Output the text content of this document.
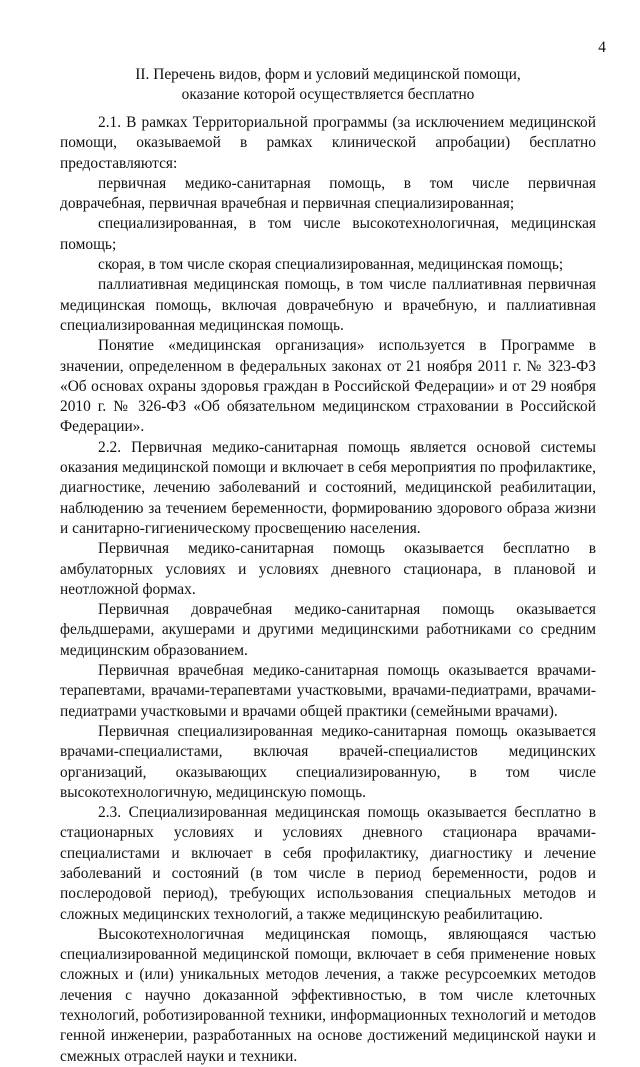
4
II. Перечень видов, форм и условий медицинской помощи,
оказание которой осуществляется бесплатно

2.1. В рамках Территориальной программы (за исключением медицинской помощи, оказываемой в рамках клинической апробации) бесплатно предоставляются:

первичная медико-санитарная помощь, в том числе первичная доврачебная, первичная врачебная и первичная специализированная;

специализированная, в том числе высокотехнологичная, медицинская помощь;

скорая, в том числе скорая специализированная, медицинская помощь;

паллиативная медицинская помощь, в том числе паллиативная первичная медицинская помощь, включая доврачебную и врачебную, и паллиативная специализированная медицинская помощь.

Понятие «медицинская организация» используется в Программе в значении, определенном в федеральных законах от 21 ноября 2011 г. № 323-ФЗ «Об основах охраны здоровья граждан в Российской Федерации» и от 29 ноября 2010 г. № 326-ФЗ «Об обязательном медицинском страховании в Российской Федерации».

2.2. Первичная медико-санитарная помощь является основой системы оказания медицинской помощи и включает в себя мероприятия по профилактике, диагностике, лечению заболеваний и состояний, медицинской реабилитации, наблюдению за течением беременности, формированию здорового образа жизни и санитарно-гигиеническому просвещению населения.

Первичная медико-санитарная помощь оказывается бесплатно в амбулаторных условиях и условиях дневного стационара, в плановой и неотложной формах.

Первичная доврачебная медико-санитарная помощь оказывается фельдшерами, акушерами и другими медицинскими работниками со средним медицинским образованием.

Первичная врачебная медико-санитарная помощь оказывается врачами-терапевтами, врачами-терапевтами участковыми, врачами-педиатрами, врачами-педиатрами участковыми и врачами общей практики (семейными врачами).

Первичная специализированная медико-санитарная помощь оказывается врачами-специалистами, включая врачей-специалистов медицинских организаций, оказывающих специализированную, в том числе высокотехнологичную, медицинскую помощь.

2.3. Специализированная медицинская помощь оказывается бесплатно в стационарных условиях и условиях дневного стационара врачами-специалистами и включает в себя профилактику, диагностику и лечение заболеваний и состояний (в том числе в период беременности, родов и послеродовой период), требующих использования специальных методов и сложных медицинских технологий, а также медицинскую реабилитацию.

Высокотехнологичная медицинская помощь, являющаяся частью специализированной медицинской помощи, включает в себя применение новых сложных и (или) уникальных методов лечения, а также ресурсоемких методов лечения с научно доказанной эффективностью, в том числе клеточных технологий, роботизированной техники, информационных технологий и методов генной инженерии, разработанных на основе достижений медицинской науки и смежных отраслей науки и техники.
